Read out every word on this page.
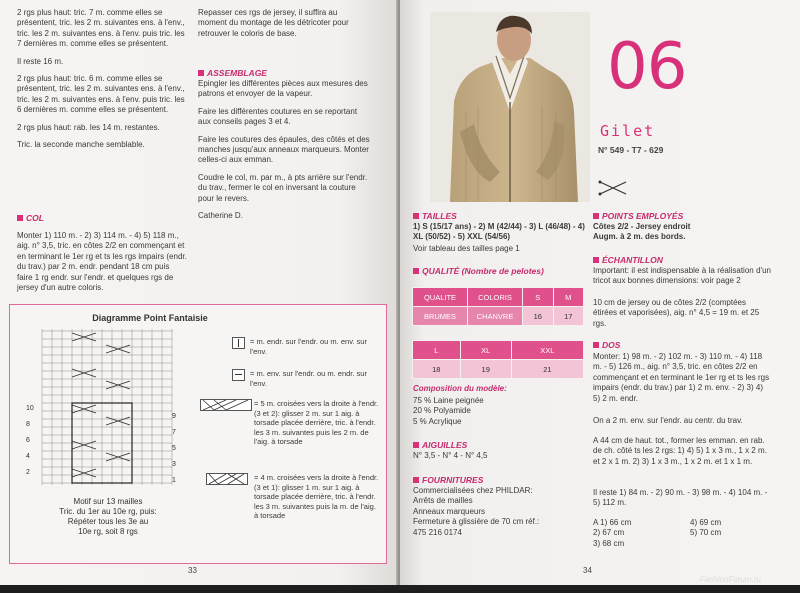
2 rgs plus haut: tric. 7 m. comme elles se présentent, tric. les 2 m. suivantes ens. à l'env., tric. les 2 m. suivantes ens. à l'env. puis tric. les 7 dernières m. comme elles se présentent.

Il reste 16 m.

2 rgs plus haut: tric. 6 m. comme elles se présentent, tric. les 2 m. suivantes ens. à l'env., tric. les 2 m. suivantes ens. à l'env. puis tric. les 6 dernières m. comme elles se présentent.

2 rgs plus haut: rab. les 14 m. restantes.

Tric. la seconde manche semblable.

COL
Monter 1) 110 m. - 2) 3) 114 m. - 4) 5) 118 m., aig. n° 3,5, tric. en côtes 2/2 en commençant et en terminant le 1er rg et ts les rgs impairs (endr. du trav.) par 2 m. endr. pendant 18 cm puis faire 1 rg endr. sur l'endr. et quelques rgs de jersey d'un autre coloris.
Repasser ces rgs de jersey, il suffira au moment du montage de les détricoter pour retrouver le coloris de base.
ASSEMBLAGE

Epingler les différentes pièces aux mesures des patrons et envoyer de la vapeur.

Faire les différentes coutures en se reportant aux conseils pages 3 et 4.

Faire les coutures des épaules, des côtés et des manches jusqu'aux anneaux marqueurs. Monter celles-ci aux emman.

Coudre le col, m. par m., à pts arrière sur l'endr. du trav., fermer le col en inversant la couture pour le revers.

Catherine D.

Diagramme Point Fantaisie
10
8
6
4
2
9
7
5
3
1
Motif sur 13 mailles
Tric. du 1er au 10e rg, puis:
Répéter tous les 3e au
10e rg, soit 8 rgs
= m. endr. sur l'endr. ou m. env. sur l'env.
= m. env. sur l'endr. ou m. endr. sur l'env.
= 5 m. croisées vers la droite à l'endr. (3 et 2): glisser 2 m. sur 1 aig. à torsade placée derrière, tric. à l'endr. les 3 m. suivantes puis les 2 m. de l'aig. à torsade
= 4 m. croisées vers la droite à l'endr. (3 et 1): glisser 1 m. sur 1 aig. à torsade placée derrière, tric. à l'endr. les 3 m. suivantes puis la m. de l'aig. à torsade
33
06
Gilet
N° 549 - T7 - 629
TAILLES
1) S (15/17 ans) - 2) M (42/44) - 3) L (46/48) - 4) XL (50/52) - 5) XXL (54/56)
Voir tableau des tailles page 1
QUALITÉ (Nombre de pelotes)
QUALITE	COLORIS	S	M
BRUMES	CHANVRE	16	17
L	XL	XXL
18	19	21
Composition du modèle:
75 % Laine peignée
20 % Polyamide
5 % Acrylique
AIGUILLES
N° 3,5 - N° 4 - N° 4,5
FOURNITURES
Commercialisées chez PHILDAR:
Arrêts de mailles
Anneaux marqueurs
Fermeture à glissière de 70 cm réf.:
475 216 0174
POINTS EMPLOYÉS
Côtes 2/2 - Jersey endroit
Augm. à 2 m. des bords.
ÉCHANTILLON
Important: il est indispensable à la réalisation d'un tricot aux bonnes dimensions: voir page 2
10 cm de jersey ou de côtes 2/2 (comptées étirées et vaporisées), aig. n° 4,5 = 19 m. et 25 rgs.
DOS
Monter: 1) 98 m. - 2) 102 m. - 3) 110 m. - 4) 118 m. - 5) 126 m., aig. n° 3,5, tric. en côtes 2/2 en commençant et en terminant le 1er rg et ts les rgs impairs (endr. du trav.) par 1) 2 m. env. - 2) 3) 4) 5) 2 m. endr.
On a 2 m. env. sur l'endr. au centr. du trav.
A 44 cm de haut. tot., former les emman. en rab. de ch. côté ts les 2 rgs: 1) 4) 5) 1 x 3 m., 1 x 2 m. et 2 x 1 m. 2) 3) 1 x 3 m., 1 x 2 m. et 1 x 1 m.
Il reste 1) 84 m. - 2) 90 m. - 3) 98 m. - 4) 104 m. - 5) 112 m.
A 1) 66 cm
2) 67 cm
3) 68 cm
4) 69 cm
5) 70 cm
34
FashionForum.ru
